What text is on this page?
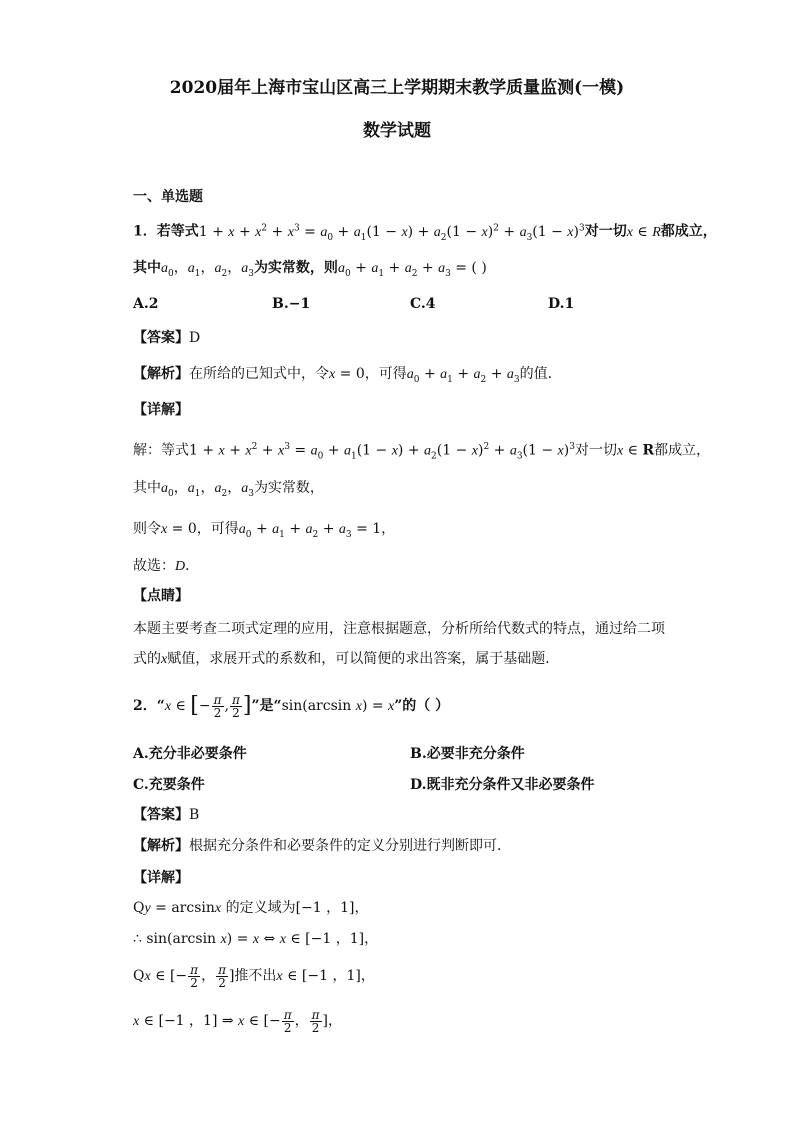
2020届年上海市宝山区高三上学期期末教学质量监测(一模)
数学试题
一、单选题
1．若等式$1 + x + x^2 + x^3 = a_0 + a_1(1 - x) + a_2(1 - x)^2 + a_3(1 - x)^3$对一切x ∈ R都成立，
其中$a_0$，$a_1$，$a_2$，$a_3$为实常数，则$a_0 + a_1 + a_2 + a_3$ = ( )
A.2	B.−1	C.4	D.1
【答案】D
【解析】在所给的已知式中，令x = 0，可得$a_0 + a_1 + a_2 + a_3$的值．
【详解】
解：等式$1 + x + x^2 + x^3 = a_0 + a_1(1 - x) + a_2(1 - x)^2 + a_3(1 - x)^3$对一切x ∈ R都成立，
其中$a_0$，$a_1$，$a_2$，$a_3$为实常数，
则令x = 0，可得$a_0 + a_1 + a_2 + a_3 = 1$，
故选：D．
【点睛】
本题主要考查二项式定理的应用，注意根据题意，分析所给代数式的特点，通过给二项
式的x赋值，求展开式的系数和，可以简便的求出答案，属于基础题．
2．“x ∈ [− $\frac{\pi}{2}$ , $\frac{\pi}{2}$ ]”是“sin(arcsin x) = x”的（ ）
A.充分非必要条件	B.必要非充分条件
C.充要条件	D.既非充分条件又非必要条件
【答案】B
【解析】根据充分条件和必要条件的定义分别进行判断即可．
【详解】
Qy = arcsinx 的定义域为[−1 ，1]，
∴ sin(arcsin x) = x ⇔ x ∈ [−1 ，1]，
Qx ∈ [− $\frac{\pi}{2}$ ， $\frac{\pi}{2}$ ]推不出x ∈ [−1 ，1]，
x ∈ [−1 ，1] ⇒ x ∈ [− $\frac{\pi}{2}$ ， $\frac{\pi}{2}$ ]，
